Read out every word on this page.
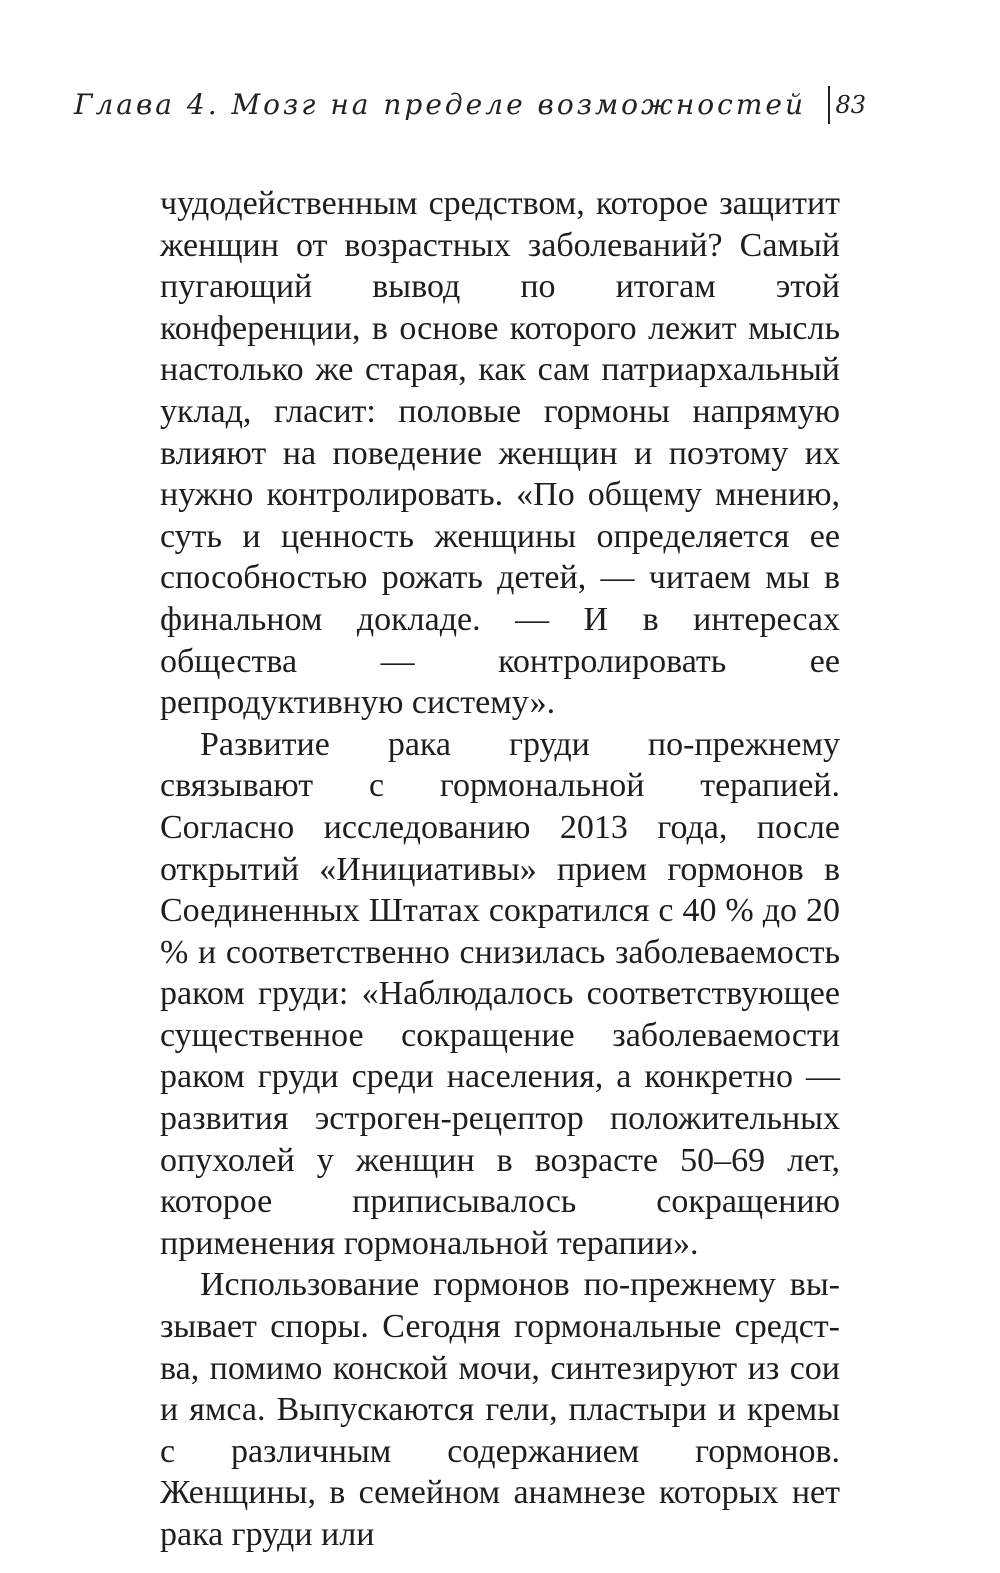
Глава 4. Мозг на пределе возможностей 83

чудодейственным средством, которое защитит женщин от возрастных заболеваний? Самый пугающий вывод по итогам этой конференции, в основе которого лежит мысль настолько же старая, как сам патриархальный уклад, гласит: половые гормоны напрямую влияют на поведение женщин и поэтому их нужно контролировать. «По общему мнению, суть и ценность женщины определяется ее способностью рожать детей, — читаем мы в финальном докладе. — И в интересах общества — контролировать ее репродуктивную систему».

Развитие рака груди по-прежнему связывают с гормональной терапией. Согласно исследованию 2013 года, после открытий «Инициативы» прием гормонов в Соединенных Штатах сократился с 40 % до 20 % и соответственно снизилась заболеваемость раком груди: «Наблюдалось соответствующее существенное сокращение заболеваемости раком груди среди населения, а конкретно — развития эстроген-рецептор положительных опухолей у женщин в возрасте 50–69 лет, которое приписывалось сокращению применения гормональной терапии».

Использование гормонов по-прежнему вызывает споры. Сегодня гормональные средства, помимо конской мочи, синтезируют из сои и ямса. Выпускаются гели, пластыри и кремы с различным содержанием гормонов. Женщины, в семейном анамнезе которых нет рака груди или
